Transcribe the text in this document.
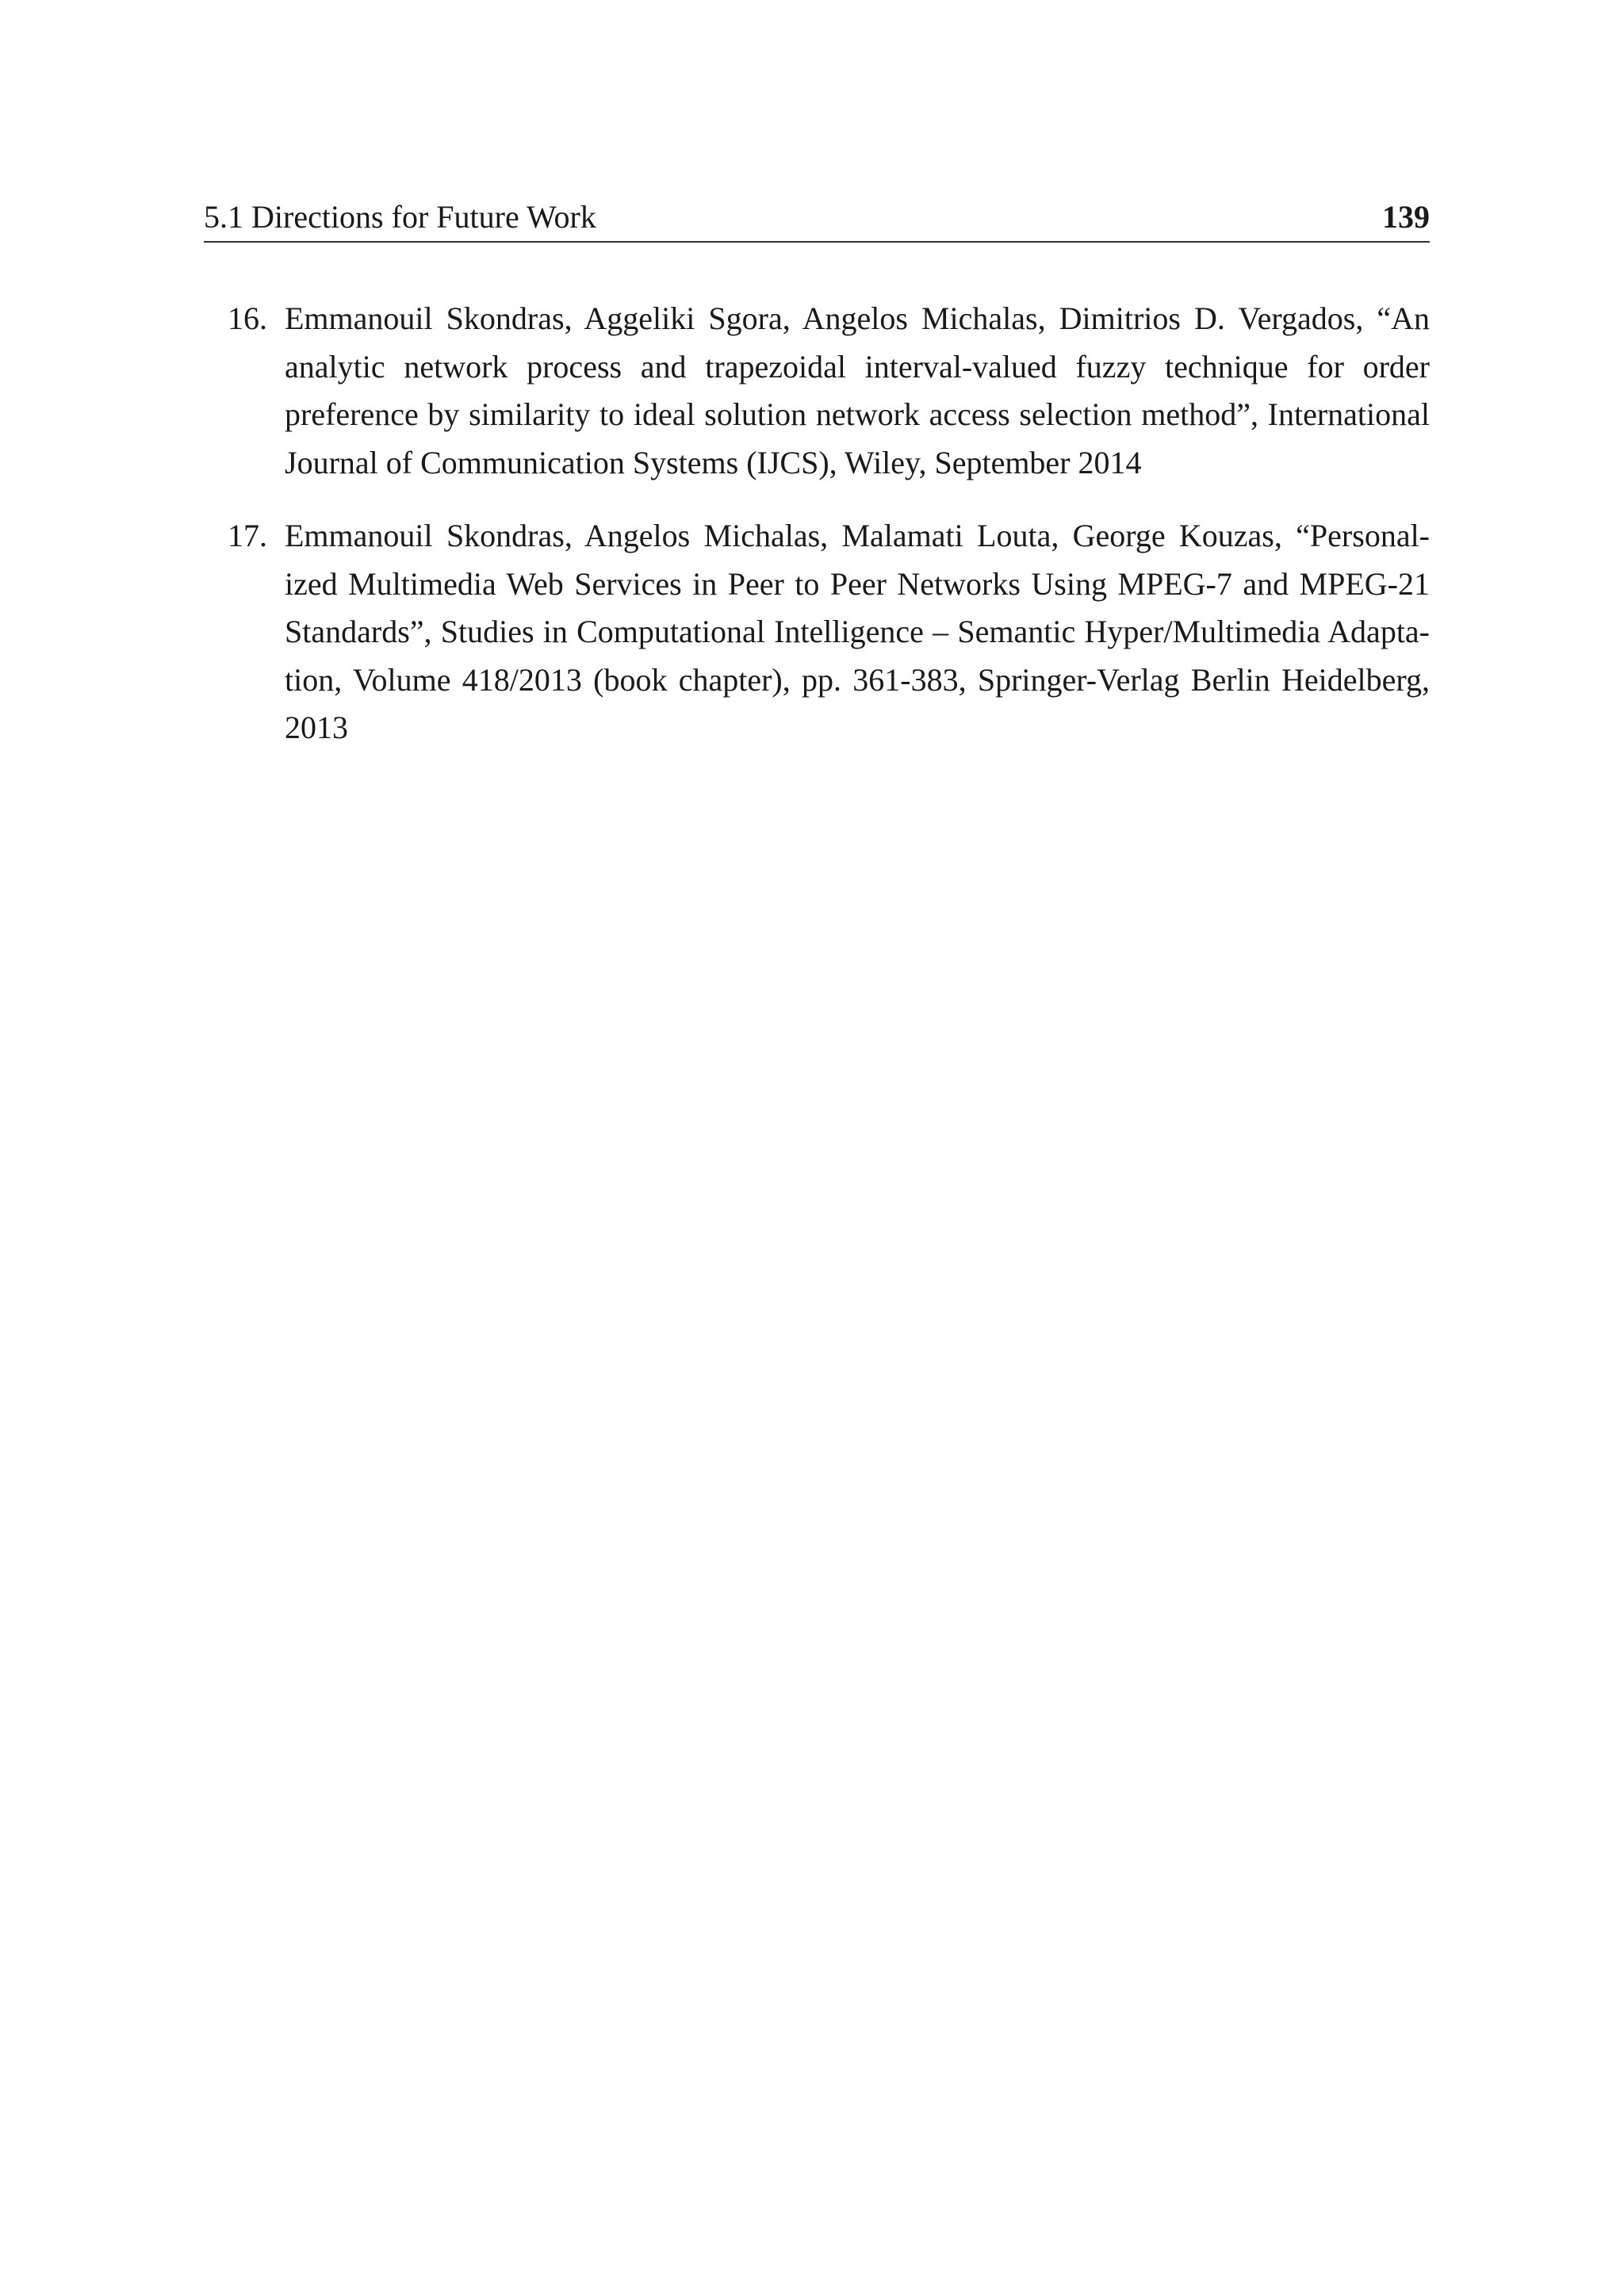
5.1 Directions for Future Work	139
16. Emmanouil Skondras, Aggeliki Sgora, Angelos Michalas, Dimitrios D. Vergados, “An
analytic network process and trapezoidal interval-valued fuzzy technique for order
preference by similarity to ideal solution network access selection method”, International
Journal of Communication Systems (IJCS), Wiley, September 2014
17. Emmanouil Skondras, Angelos Michalas, Malamati Louta, George Kouzas, “Personal-
ized Multimedia Web Services in Peer to Peer Networks Using MPEG-7 and MPEG-21
Standards”, Studies in Computational Intelligence – Semantic Hyper/Multimedia Adapta-
tion, Volume 418/2013 (book chapter), pp. 361-383, Springer-Verlag Berlin Heidelberg,
2013
